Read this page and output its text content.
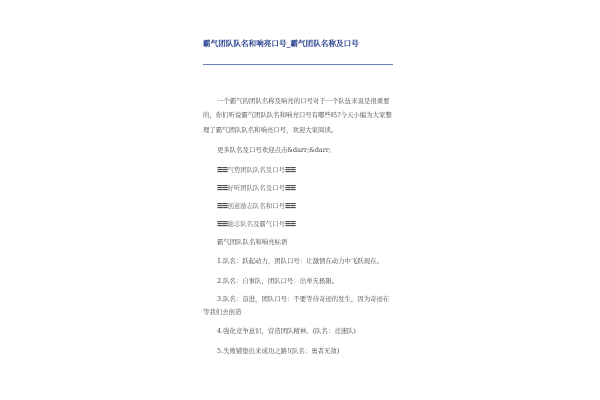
霸气团队队名和响亮口号_霸气团队名称及口号
一个霸气的团队名称及响亮的口号对于一个队伍来说是很重要
的，你们听说霸气团队队名和响亮口号有哪些吗?今天小编为大家整
理了霸气团队队名和响亮口号，欢迎大家阅读。
更多队名及口号欢迎点击&darr;&darr;
☰☰气势团队队名及口号☰☰
☰☰好听团队队名及口号☰☰
☰☰创意励志队名和口号☰☰
☰☰励志队名及霸气口号☰☰
霸气团队队名和响亮标语
1.队名：跃起动力，团队口号：让激情在动力中飞跃现在。
2.队名：自事队，团队口号：出单无极限。
3.队名：奋进，团队口号：不要等待奇迹的发生，因为奇迹在
等我们去创造
4.强化竞争意识，营造团队精神。(队名：竞速队)
5.失败铺垫出来成功之路!(队名：勇者无敌)
